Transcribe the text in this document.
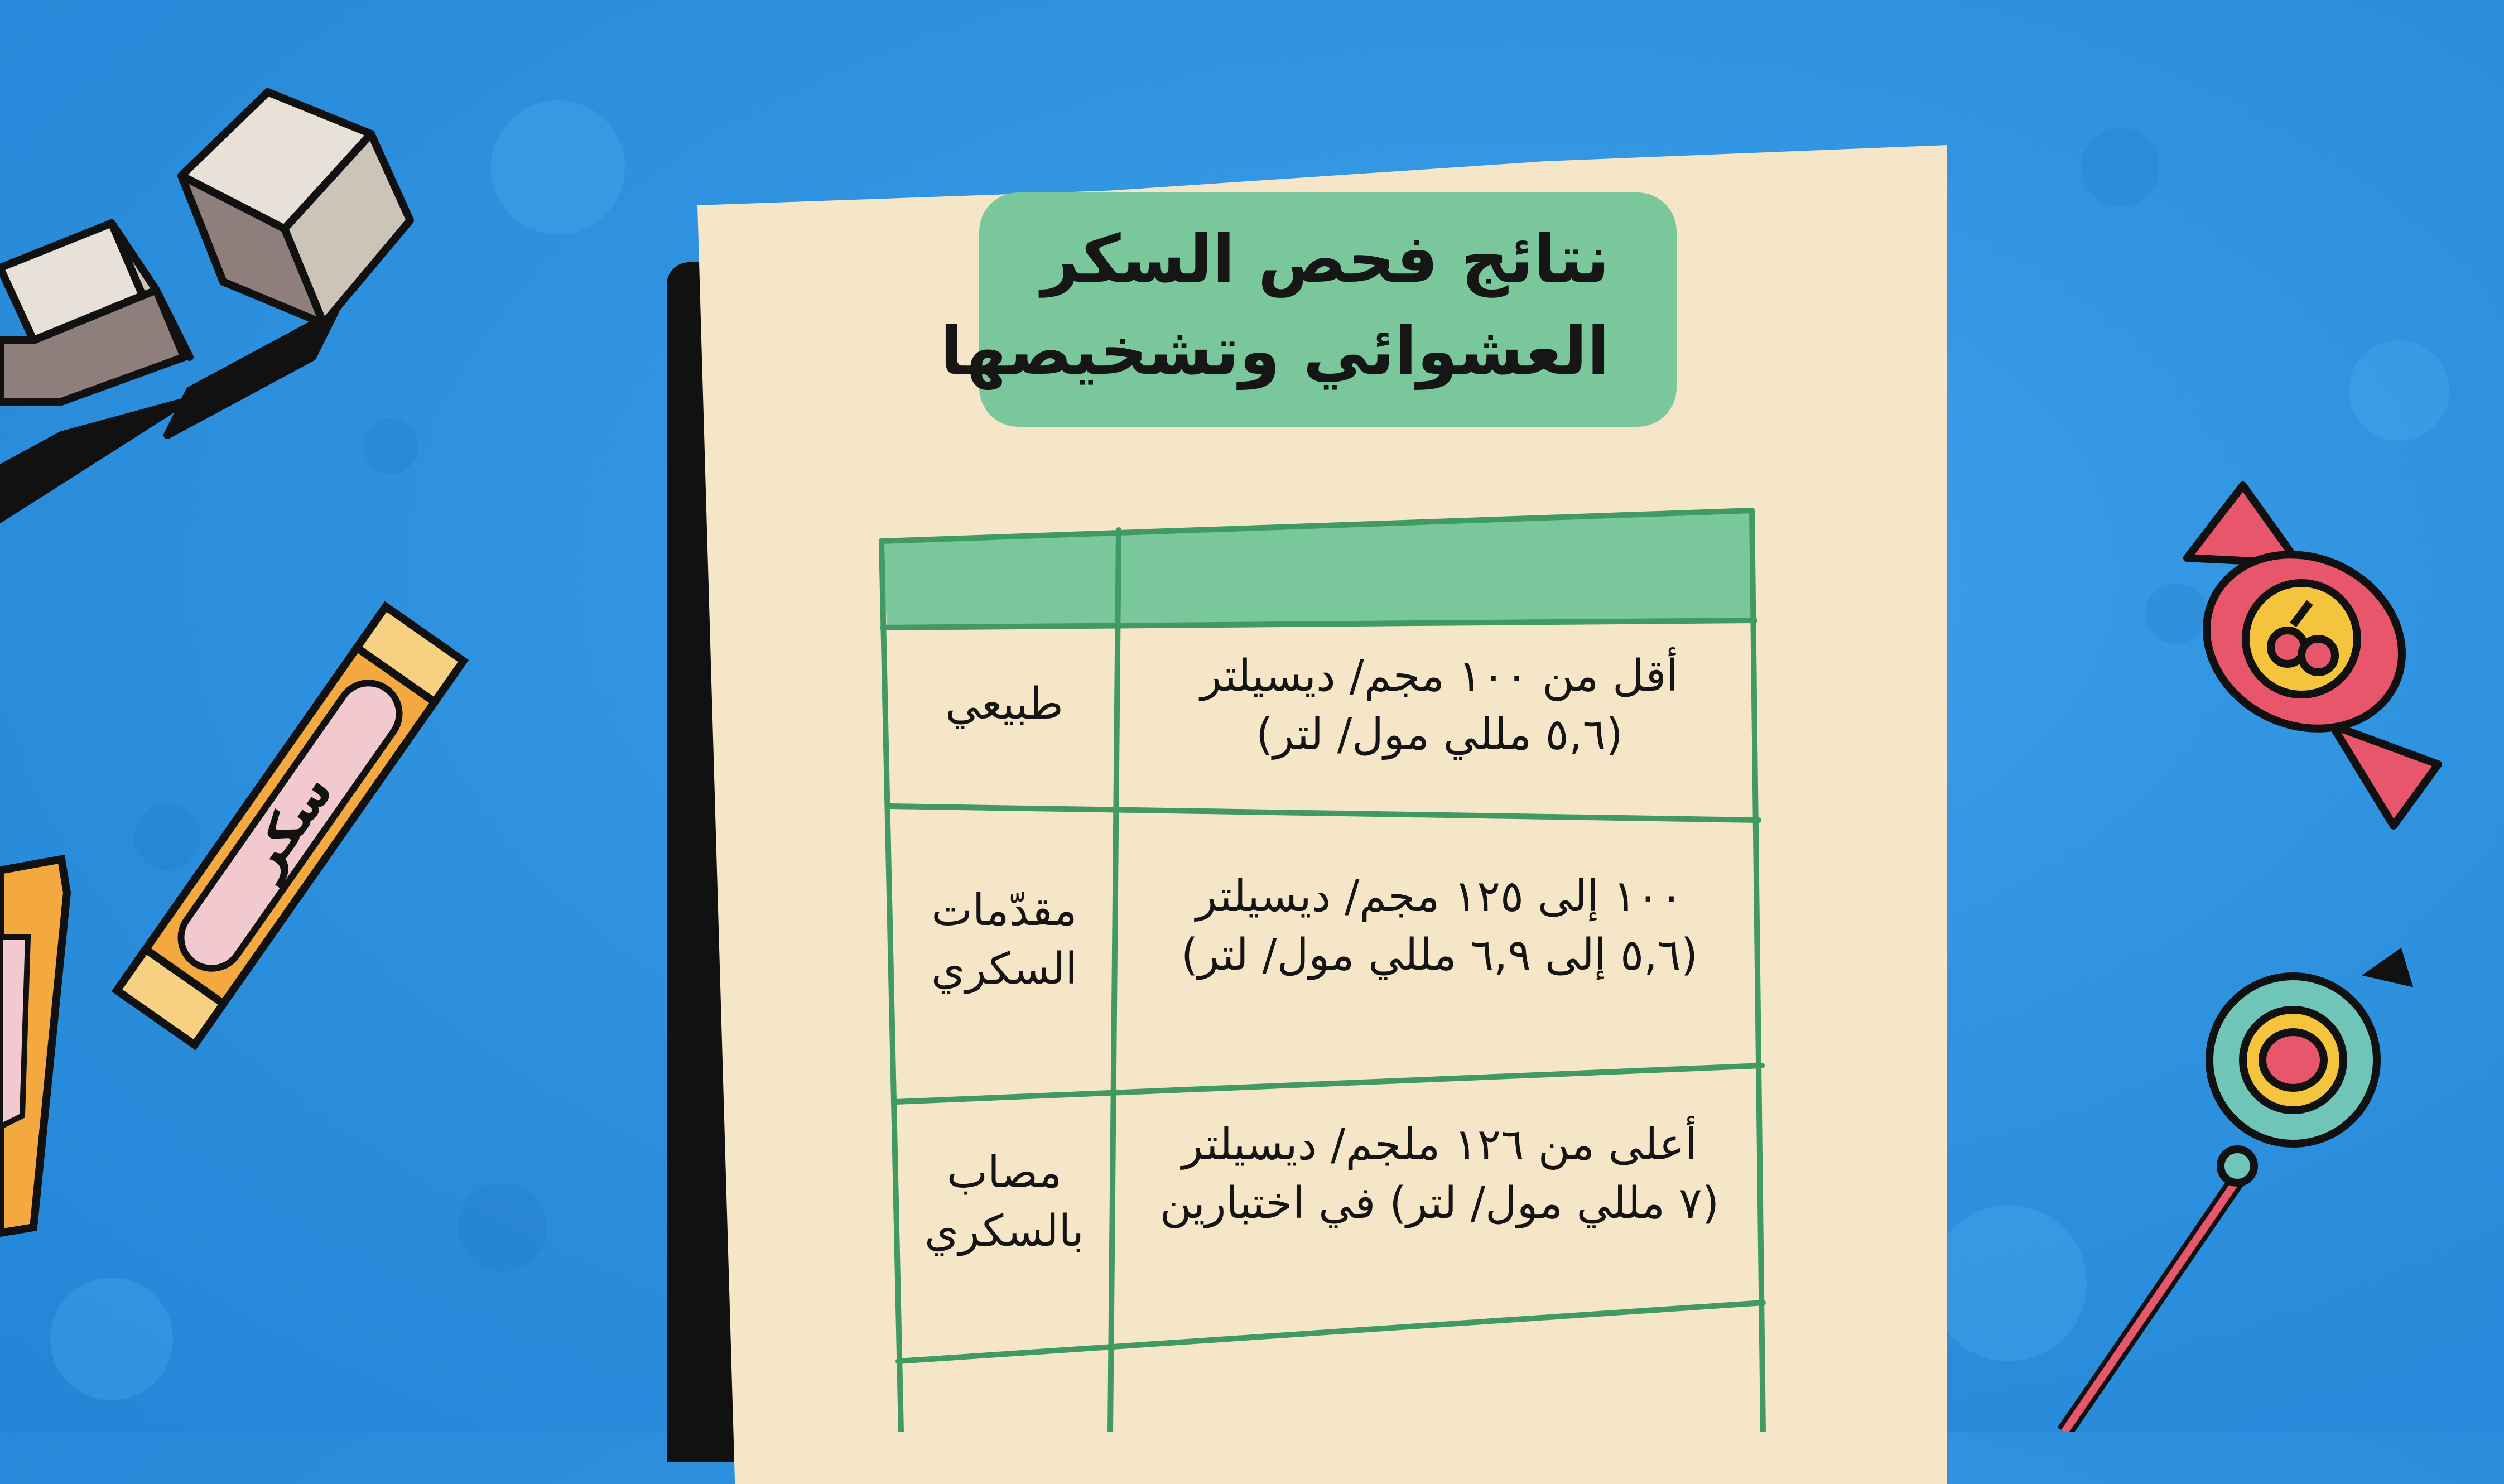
نتائج فحص السكر
العشوائي وتشخيصها
طبيعي
أقل من ١٠٠ مجم/ ديسيلتر
(٥,٦ مللي مول/ لتر)
مقدّمات
السكري
١٠٠ إلى ١٢٥ مجم/ ديسيلتر
(٥,٦ إلى ٦,٩ مللي مول/ لتر)
مصاب
بالسكري
أعلى من ١٢٦ ملجم/ ديسيلتر
(٧ مللي مول/ لتر) في اختبارين
سكر
